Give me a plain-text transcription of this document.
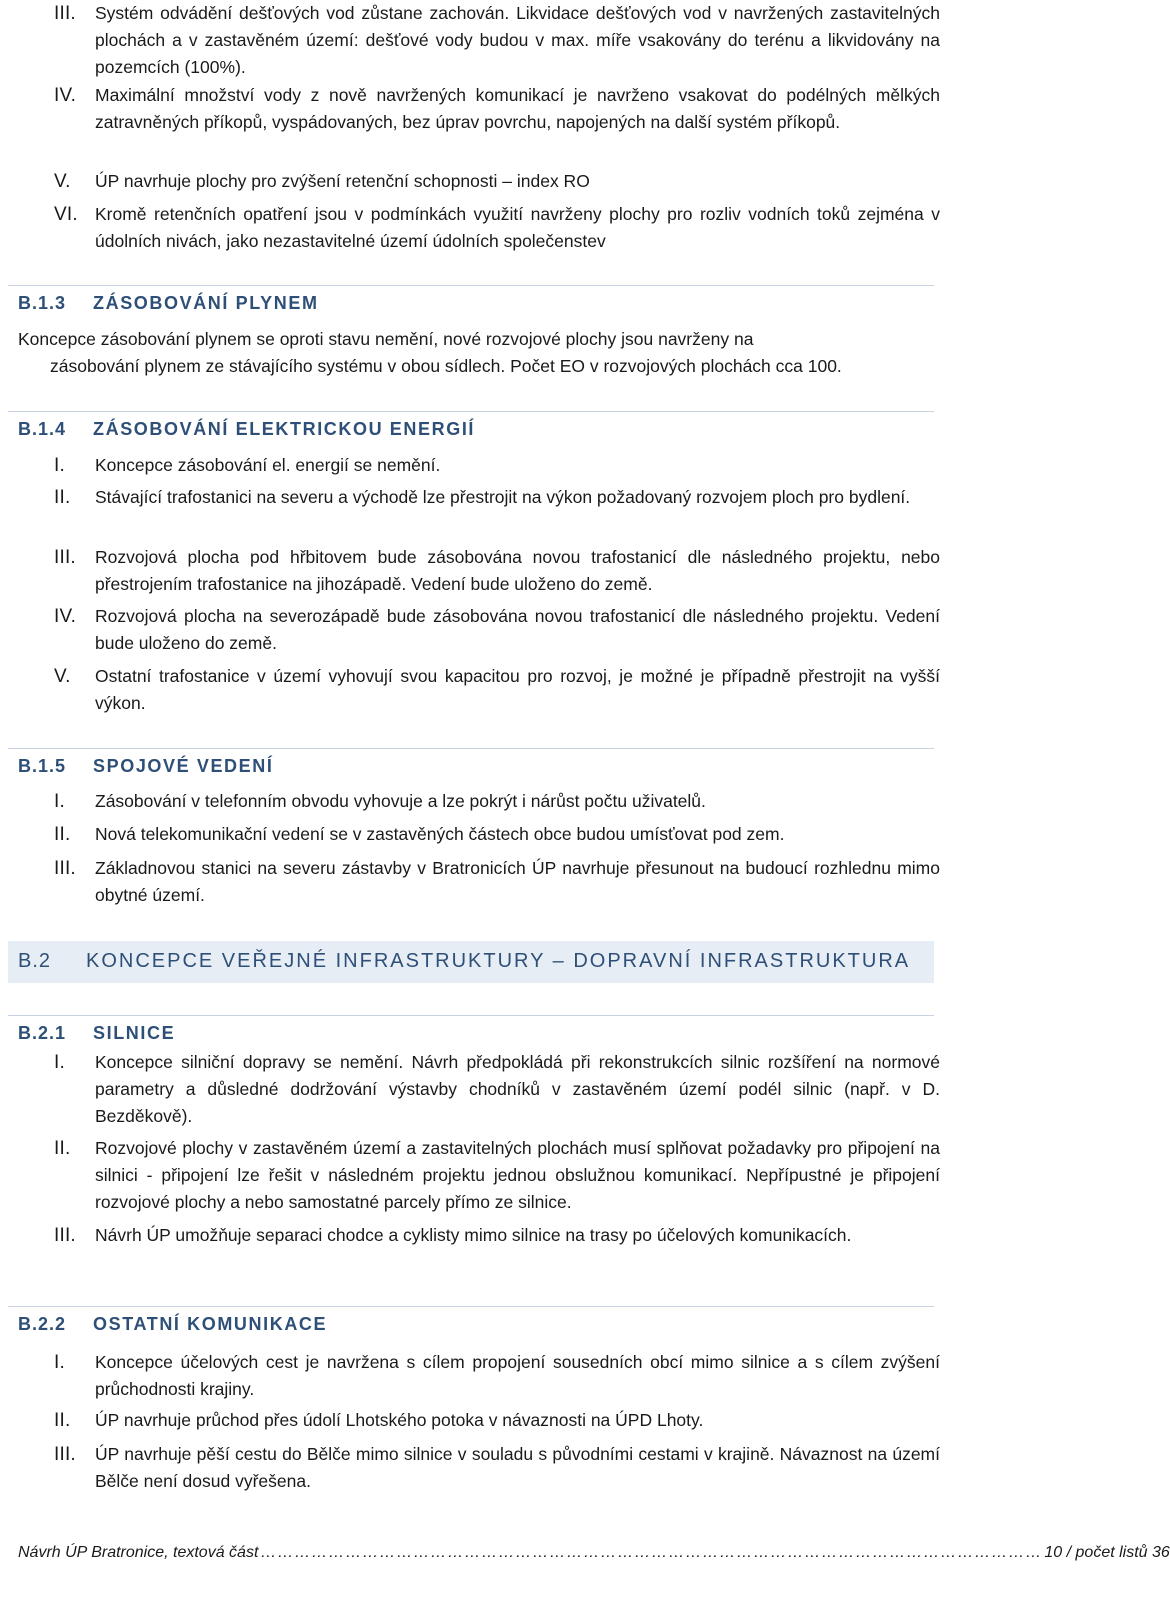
III.	Systém odvádění dešťových vod zůstane zachován. Likvidace dešťových vod v navržených zastavitelných plochách a v zastavěném území: dešťové vody budou v max. míře vsakovány do terénu a likvidovány na pozemcích (100%).
IV.	Maximální množství vody z nově navržených komunikací je navrženo vsakovat do podélných mělkých zatravněných příkopů, vyspádovaných, bez úprav povrchu, napojených na další systém příkopů.
V.	ÚP navrhuje plochy pro zvýšení retenční schopnosti – index RO
VI. Kromě retenčních opatření jsou v podmínkách využití navrženy plochy pro rozliv vodních toků zejména v údolních nivách, jako nezastavitelné území údolních společenstev
B.1.3 ZÁSOBOVÁNÍ PLYNEM
Koncepce zásobování plynem se oproti stavu nemění, nové rozvojové plochy jsou navrženy na
zásobování plynem ze stávajícího systému v obou sídlech. Počet EO v rozvojových plochách cca 100.
B.1.4 ZÁSOBOVÁNÍ ELEKTRICKOU ENERGIÍ
I.	Koncepce zásobování el. energií se nemění.
II.	Stávající trafostanici na severu a východě lze přestrojit na výkon požadovaný rozvojem ploch pro bydlení.
III.	Rozvojová plocha pod hřbitovem bude zásobována novou trafostanicí dle následného projektu, nebo přestrojením trafostanice na jihozápadě. Vedení bude uloženo do země.
IV.	Rozvojová plocha na severozápadě bude zásobována novou trafostanicí dle následného projektu. Vedení bude uloženo do země.
V.	Ostatní trafostanice v území vyhovují svou kapacitou pro rozvoj, je možné je případně přestrojit na vyšší výkon.
B.1.5 SPOJOVÉ VEDENÍ
I.	Zásobování v telefonním obvodu vyhovuje a lze pokrýt i nárůst počtu uživatelů.
II.	Nová telekomunikační vedení se v zastavěných částech obce budou umísťovat pod zem.
III.	Základnovou stanici na severu zástavby v Bratronicích ÚP navrhuje přesunout na budoucí rozhlednu mimo obytné území.
B.2 KONCEPCE VEŘEJNÉ INFRASTRUKTURY – DOPRAVNÍ INFRASTRUKTURA
B.2.1 SILNICE
I.	Koncepce silniční dopravy se nemění. Návrh předpokládá při rekonstrukcích silnic rozšíření na normové parametry a důsledné dodržování výstavby chodníků v zastavěném území podél silnic (např. v D. Bezděkově).
II.	Rozvojové plochy v zastavěném území a zastavitelných plochách musí splňovat požadavky pro připojení na silnici - připojení lze řešit v následném projektu jednou obslužnou komunikací. Nepřípustné je připojení rozvojové plochy a nebo samostatné parcely přímo ze silnice.
III.	Návrh ÚP umožňuje separaci chodce a cyklisty mimo silnice na trasy po účelových komunikacích.
B.2.2 OSTATNÍ KOMUNIKACE
I.	Koncepce účelových cest je navržena s cílem propojení sousedních obcí mimo silnice a s cílem zvýšení průchodnosti krajiny.
II.	ÚP navrhuje průchod přes údolí Lhotského potoka v návaznosti na ÚPD Lhoty.
III.	ÚP navrhuje pěší cestu do Bělče mimo silnice v souladu s původními cestami v krajině. Návaznost na území Bělče není dosud vyřešena.
Návrh ÚP Bratronice, textová část ………………………………………………………………………………………………………………………… 10 / počet listů 36
